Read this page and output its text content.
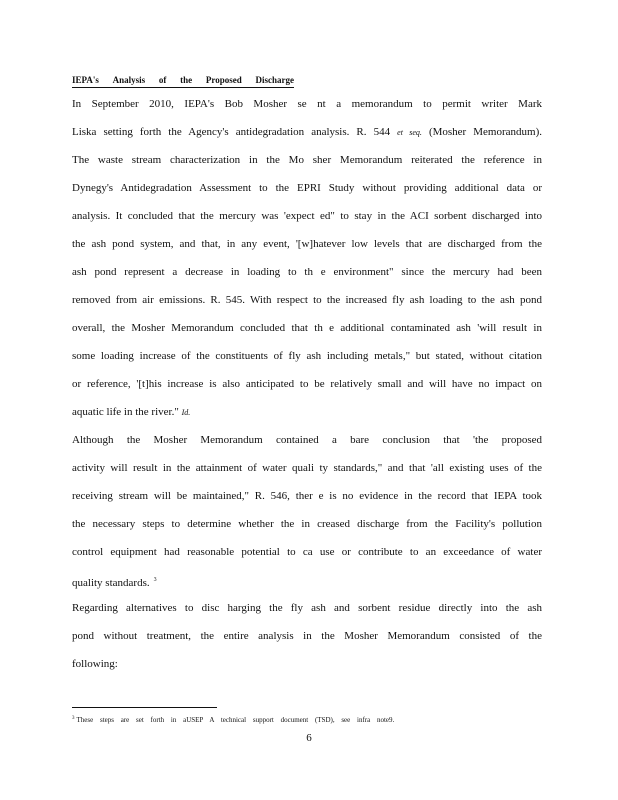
IEPA's Analysis of the Proposed Discharge
In September 2010, IEPA's Bob Mosher se nt a memorandum to permit writer Mark
Liska setting forth the Agency's antidegradation analysis. R. 544 et seq. (Mosher Memorandum).
The waste stream characterization in the Mo sher Memorandum reiterated the reference in
Dynegy's Antidegradation Assessment to the EPRI Study without providing additional data or
analysis. It concluded that the mercury was 'expect ed" to stay in the ACI sorbent discharged into
the ash pond system, and that, in any event, '[w]hatever low levels that are discharged from the
ash pond represent a decrease in loading to th e environment" since the mercury had been
removed from air emissions. R. 545. With respect to the increased fly ash loading to the ash pond
overall, the Mosher Memorandum concluded that th e additional contaminated ash 'will result in
some loading increase of the constituents of fly ash including metals," but stated, without citation
or reference, '[t]his increase is also anticipated to be relatively small and will have no impact on
aquatic life in the river." Id.
Although the Mosher Memorandum contained a bare conclusion that 'the proposed
activity will result in the attainment of water quali ty standards," and that 'all existing uses of the
receiving stream will be maintained," R. 546, ther e is no evidence in the record that IEPA took
the necessary steps to determine whether the in creased discharge from the Facility's pollution
control equipment had reasonable potential to ca use or contribute to an exceedance of water
quality standards. $^3$
Regarding alternatives to disc harging the fly ash and sorbent residue directly into the ash
pond without treatment, the entire analysis in the Mosher Memorandum consisted of the
following:
$^3$ These steps are set forth in aUSEP A technical support document (TSD), see infra note9.
6
